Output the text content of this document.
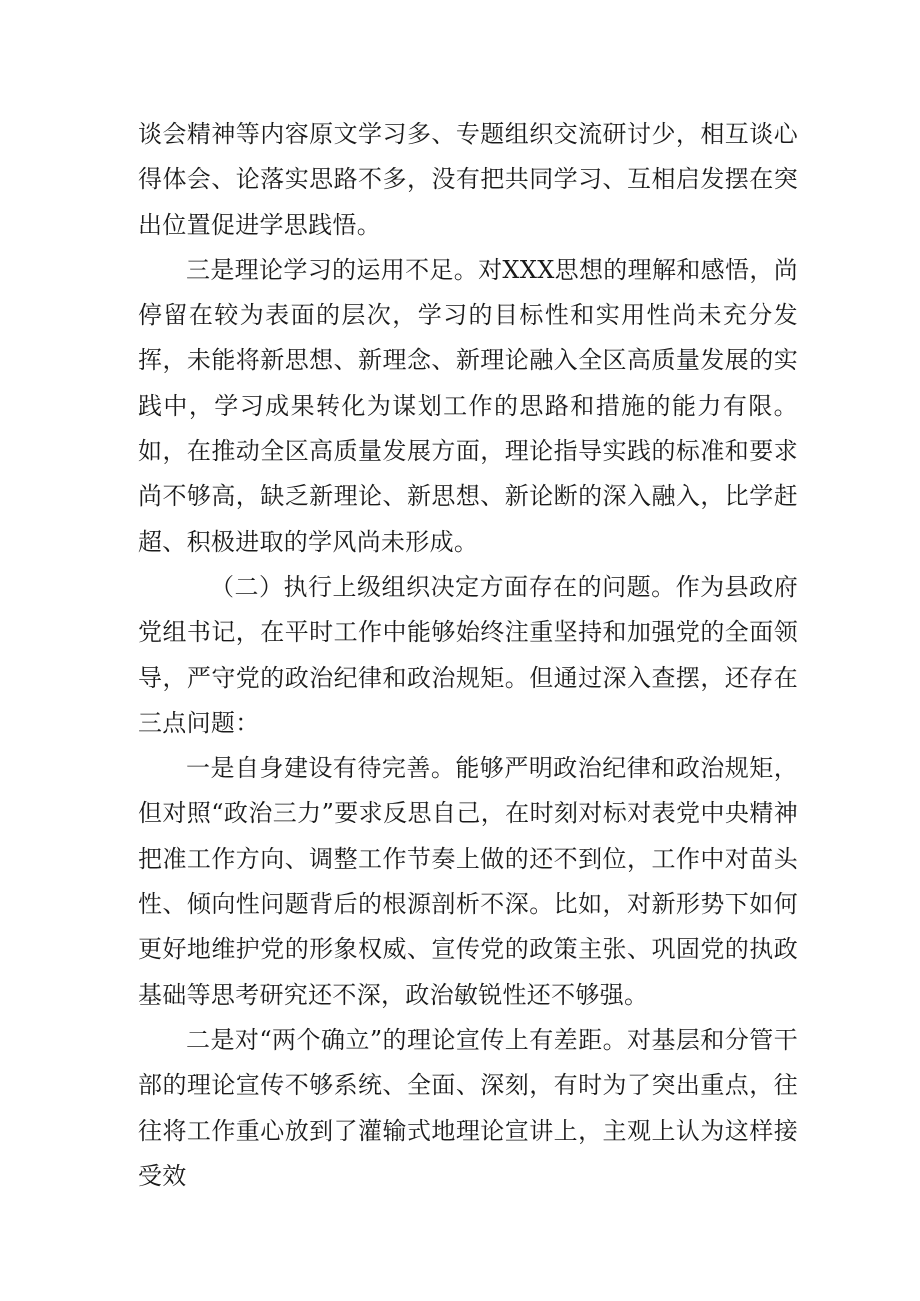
谈会精神等内容原文学习多、专题组织交流研讨少，相互谈心得体会、论落实思路不多，没有把共同学习、互相启发摆在突出位置促进学思践悟。

三是理论学习的运用不足。对XXX思想的理解和感悟，尚停留在较为表面的层次，学习的目标性和实用性尚未充分发挥，未能将新思想、新理念、新理论融入全区高质量发展的实践中，学习成果转化为谋划工作的思路和措施的能力有限。如，在推动全区高质量发展方面，理论指导实践的标准和要求尚不够高，缺乏新理论、新思想、新论断的深入融入，比学赶超、积极进取的学风尚未形成。

（二）执行上级组织决定方面存在的问题。作为县政府党组书记，在平时工作中能够始终注重坚持和加强党的全面领导，严守党的政治纪律和政治规矩。但通过深入查摆，还存在三点问题：

一是自身建设有待完善。能够严明政治纪律和政治规矩，但对照“政治三力”要求反思自己，在时刻对标对表党中央精神把准工作方向、调整工作节奏上做的还不到位，工作中对苗头性、倾向性问题背后的根源剖析不深。比如，对新形势下如何更好地维护党的形象权威、宣传党的政策主张、巩固党的执政基础等思考研究还不深，政治敏锐性还不够强。

二是对“两个确立”的理论宣传上有差距。对基层和分管干部的理论宣传不够系统、全面、深刻，有时为了突出重点，往往将工作重心放到了灌输式地理论宣讲上，主观上认为这样接受效
